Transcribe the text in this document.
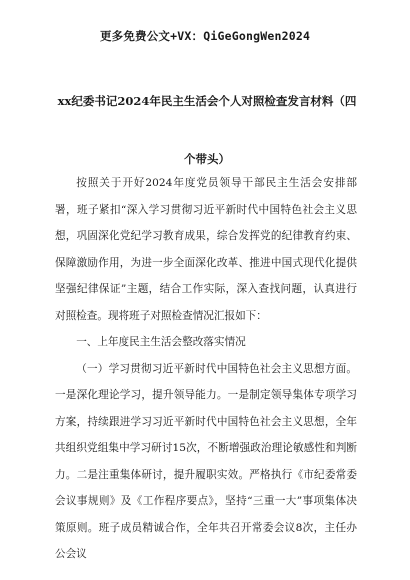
更多免费公文+VX：QiGeGongWen2024
xx纪委书记2024年民主生活会个人对照检查发言材料（四个带头）

按照关于开好2024年度党员领导干部民主生活会安排部署，班子紧扣“深入学习贯彻习近平新时代中国特色社会主义思想，巩固深化党纪学习教育成果，综合发挥党的纪律教育约束、保障激励作用，为进一步全面深化改革、推进中国式现代化提供坚强纪律保证”主题，结合工作实际，深入查找问题，认真进行对照检查。现将班子对照检查情况汇报如下：

一、上年度民主生活会整改落实情况

（一）学习贯彻习近平新时代中国特色社会主义思想方面。一是深化理论学习，提升领导能力。一是制定领导集体专项学习方案，持续跟进学习习近平新时代中国特色社会主义思想，全年共组织党组集中学习研讨15次，不断增强政治理论敏感性和判断力。二是注重集体研讨，提升履职实效。严格执行《市纪委常委会议事规则》及《工作程序要点》，坚持“三重一大”事项集体决策原则。班子成员精诚合作，全年共召开常委会议8次，主任办公会议
